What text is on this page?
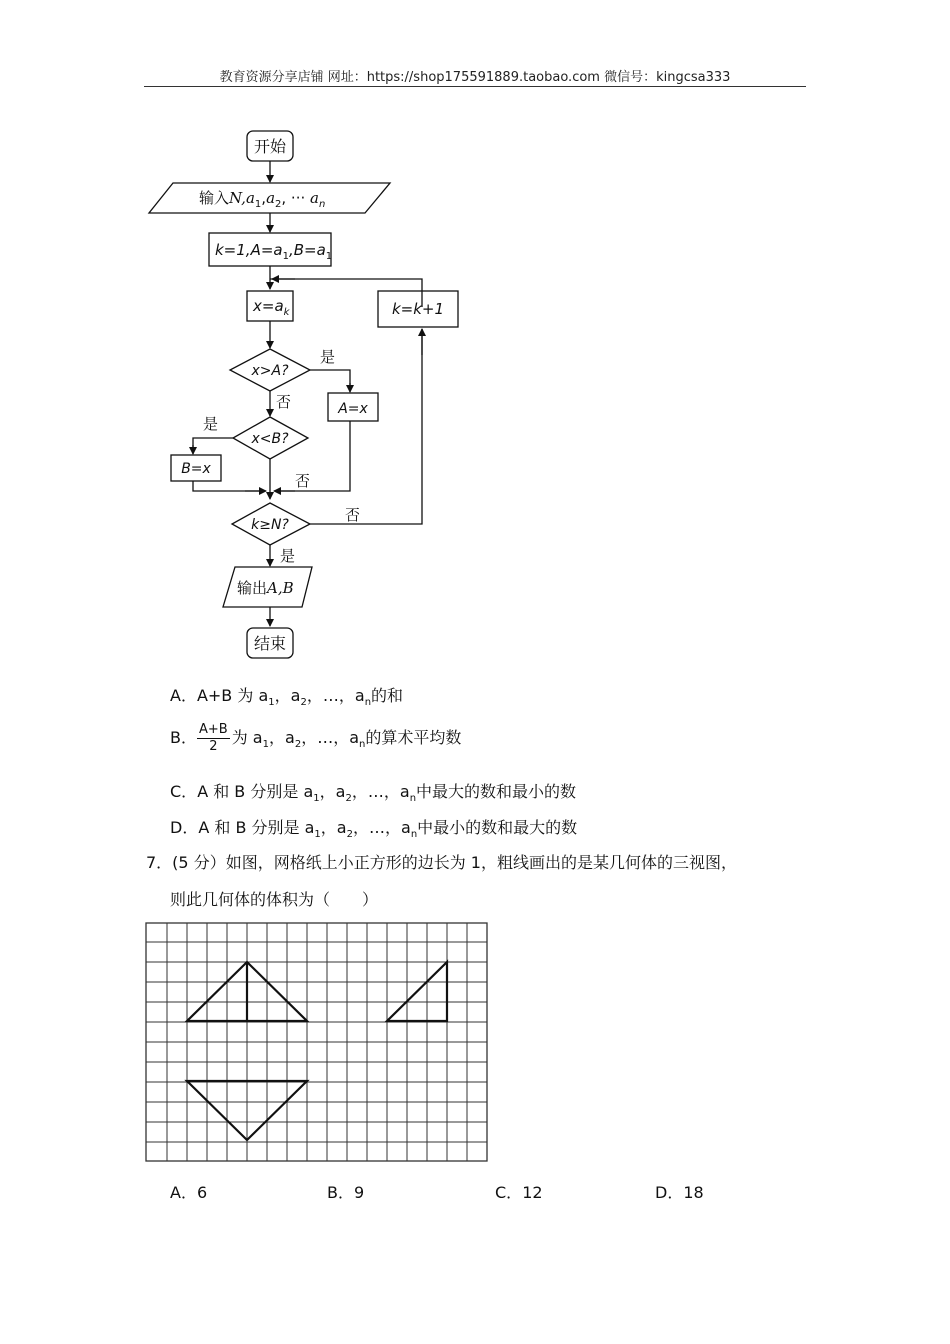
教育资源分享店铺 网址：https://shop175591889.taobao.com 微信号：kingcsa333
开始
输入$N,a_1,a_2$, ··· $a_n$
$k=1,A=a_1,B=a_1$
$x=a_k$	k=k+1
x>A?
是
否	A=x
x<B?
是
否
B=x
k≥N?
否
是
输出A,B
结束
A．A+B 为 $a_1$，$a_2$，…，$a_n$的和
B． $\frac{A+B}{2}$ 为 $a_1$，$a_2$，…，$a_n$的算术平均数
C．A 和 B 分别是 $a_1$，$a_2$，…，$a_n$中最大的数和最小的数
D．A 和 B 分别是 $a_1$，$a_2$，…，$a_n$中最小的数和最大的数
7．(5 分）如图，网格纸上小正方形的边长为 1，粗线画出的是某几何体的三视图，
则此几何体的体积为（　　）
A．6	B．9	C．12	D．18
